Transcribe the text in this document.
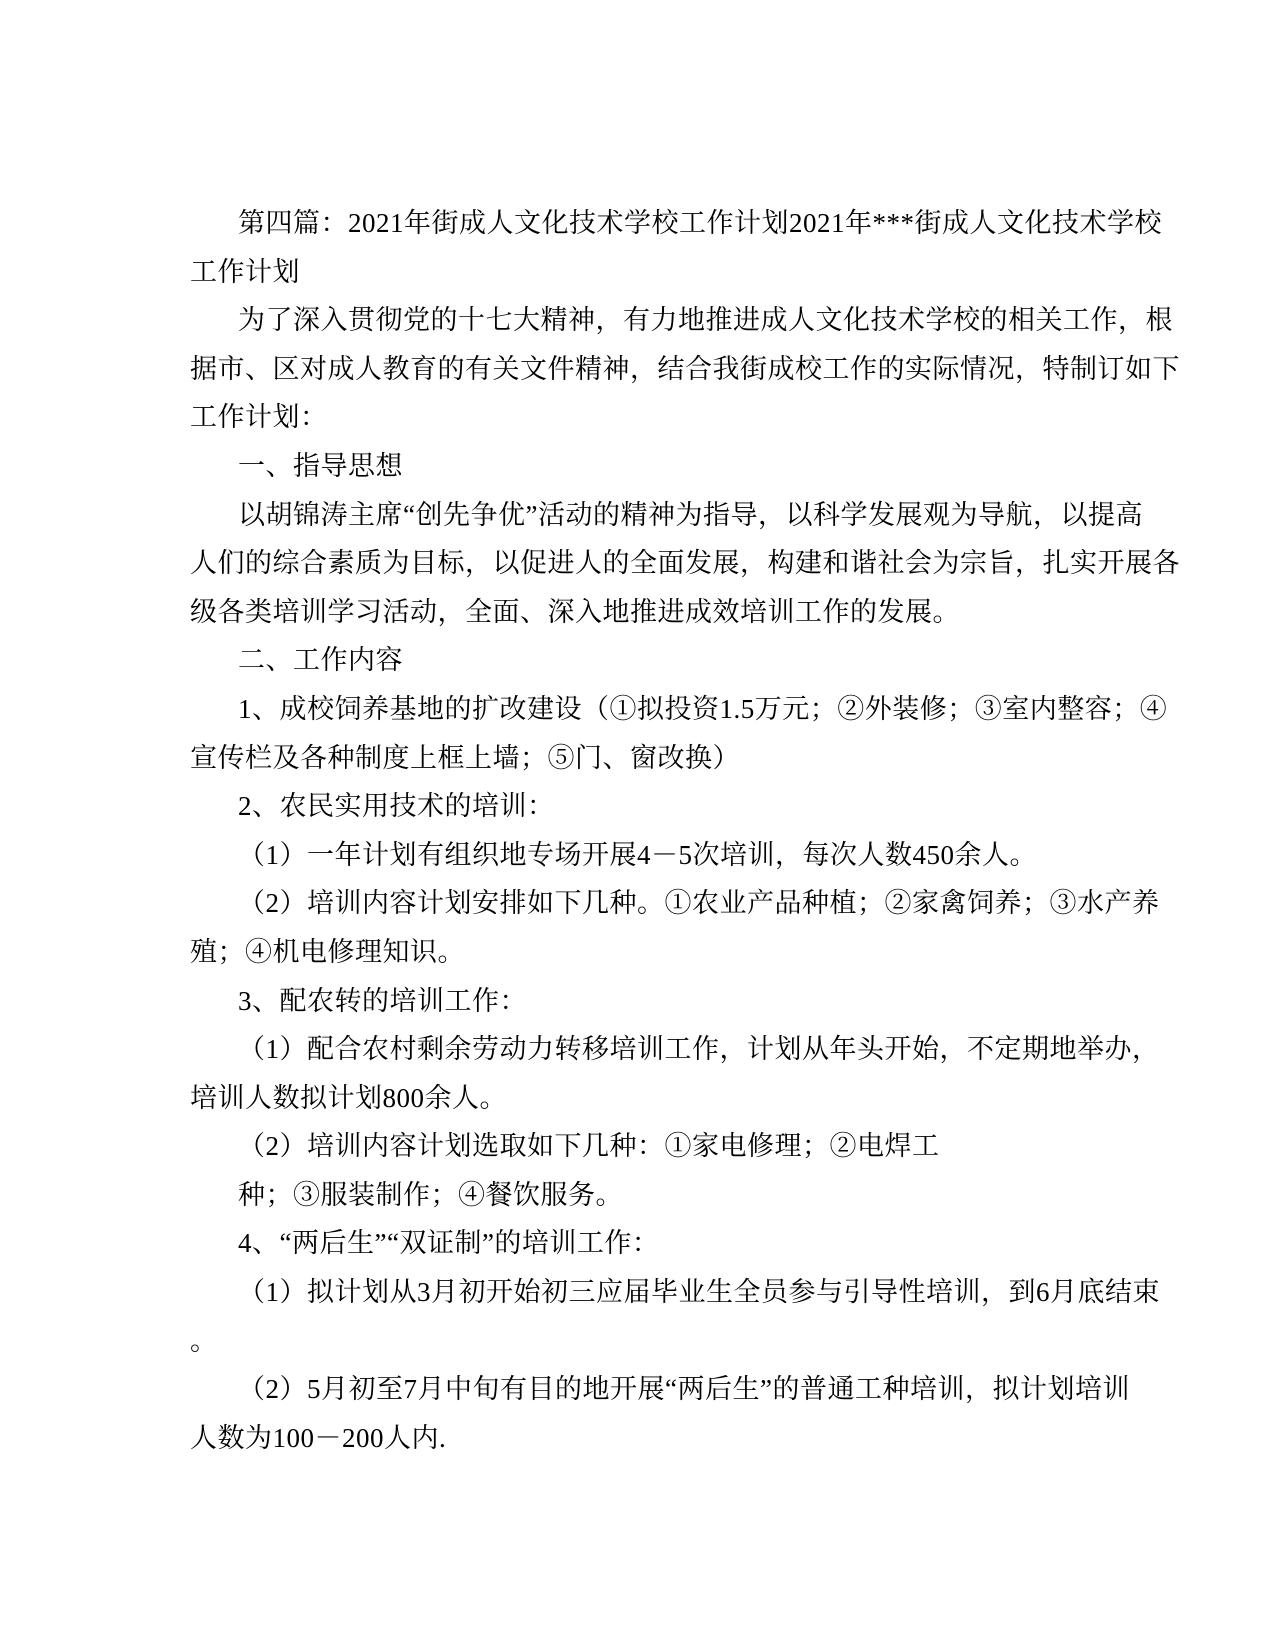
第四篇：2021年街成人文化技术学校工作计划2021年***街成人文化技术学校
工作计划
为了深入贯彻党的十七大精神，有力地推进成人文化技术学校的相关工作，根
据市、区对成人教育的有关文件精神，结合我街成校工作的实际情况，特制订如下
工作计划：
一、指导思想
以胡锦涛主席“创先争优”活动的精神为指导，以科学发展观为导航，以提高
人们的综合素质为目标，以促进人的全面发展，构建和谐社会为宗旨，扎实开展各
级各类培训学习活动，全面、深入地推进成效培训工作的发展。
二、工作内容
1、成校饲养基地的扩改建设（①拟投资1.5万元；②外装修；③室内整容；④
宣传栏及各种制度上框上墙；⑤门、窗改换）
2、农民实用技术的培训：
（1）一年计划有组织地专场开展4－5次培训，每次人数450余人。
（2）培训内容计划安排如下几种。①农业产品种植；②家禽饲养；③水产养
殖；④机电修理知识。
3、配农转的培训工作：
（1）配合农村剩余劳动力转移培训工作，计划从年头开始，不定期地举办，
培训人数拟计划800余人。
（2）培训内容计划选取如下几种：①家电修理；②电焊工
种；③服装制作；④餐饮服务。
4、“两后生”“双证制”的培训工作：
（1）拟计划从3月初开始初三应届毕业生全员参与引导性培训，到6月底结束
。
（2）5月初至7月中旬有目的地开展“两后生”的普通工种培训，拟计划培训
人数为100－200人内.
